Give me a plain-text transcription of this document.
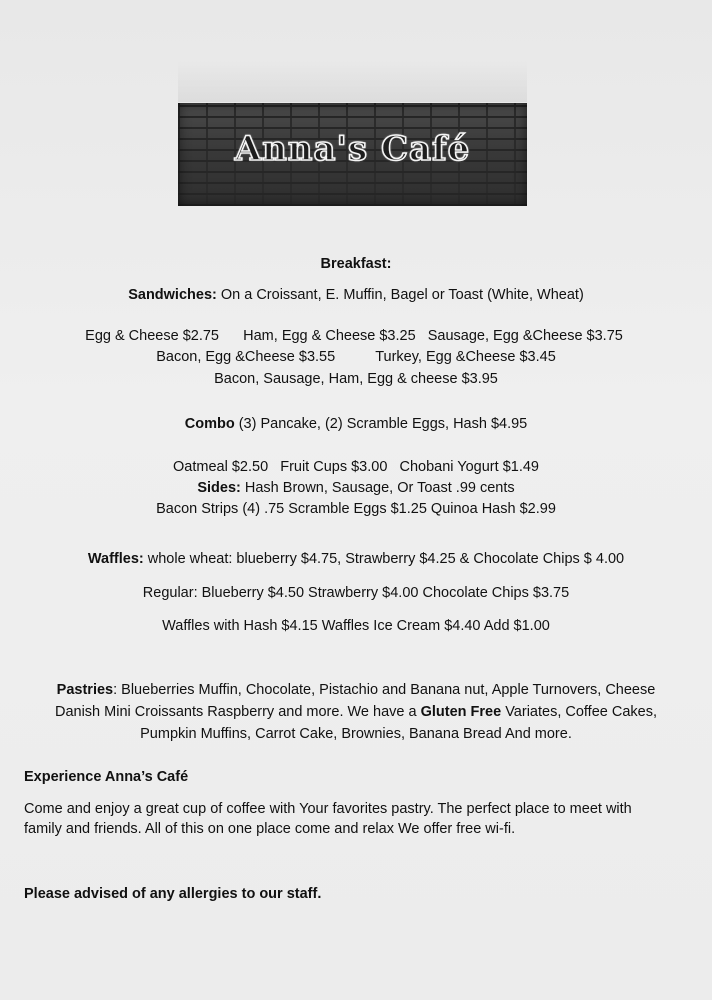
Anna's Café
Breakfast:
Sandwiches: On a Croissant, E. Muffin, Bagel or Toast (White, Wheat)
Egg & Cheese $2.75      Ham, Egg & Cheese $3.25   Sausage, Egg &Cheese $3.75
Bacon, Egg &Cheese $3.55          Turkey, Egg &Cheese $3.45
Bacon, Sausage, Ham, Egg & cheese $3.95
Combo (3) Pancake, (2) Scramble Eggs, Hash $4.95
Oatmeal $2.50   Fruit Cups $3.00   Chobani Yogurt $1.49
Sides: Hash Brown, Sausage, Or Toast .99 cents
Bacon Strips (4) .75 Scramble Eggs $1.25 Quinoa Hash $2.99
Waffles: whole wheat: blueberry $4.75, Strawberry $4.25 & Chocolate Chips $ 4.00
Regular: Blueberry $4.50 Strawberry $4.00 Chocolate Chips $3.75
Waffles with Hash $4.15 Waffles Ice Cream $4.40 Add $1.00
Pastries: Blueberries Muffin, Chocolate, Pistachio and Banana nut, Apple Turnovers, Cheese
Danish Mini Croissants Raspberry and more. We have a Gluten Free Variates, Coffee Cakes,
Pumpkin Muffins, Carrot Cake, Brownies, Banana Bread And more.
Experience Anna’s Café
Come and enjoy a great cup of coffee with Your favorites pastry. The perfect place to meet with
family and friends. All of this on one place come and relax We offer free wi-fi.
Please advised of any allergies to our staff.
